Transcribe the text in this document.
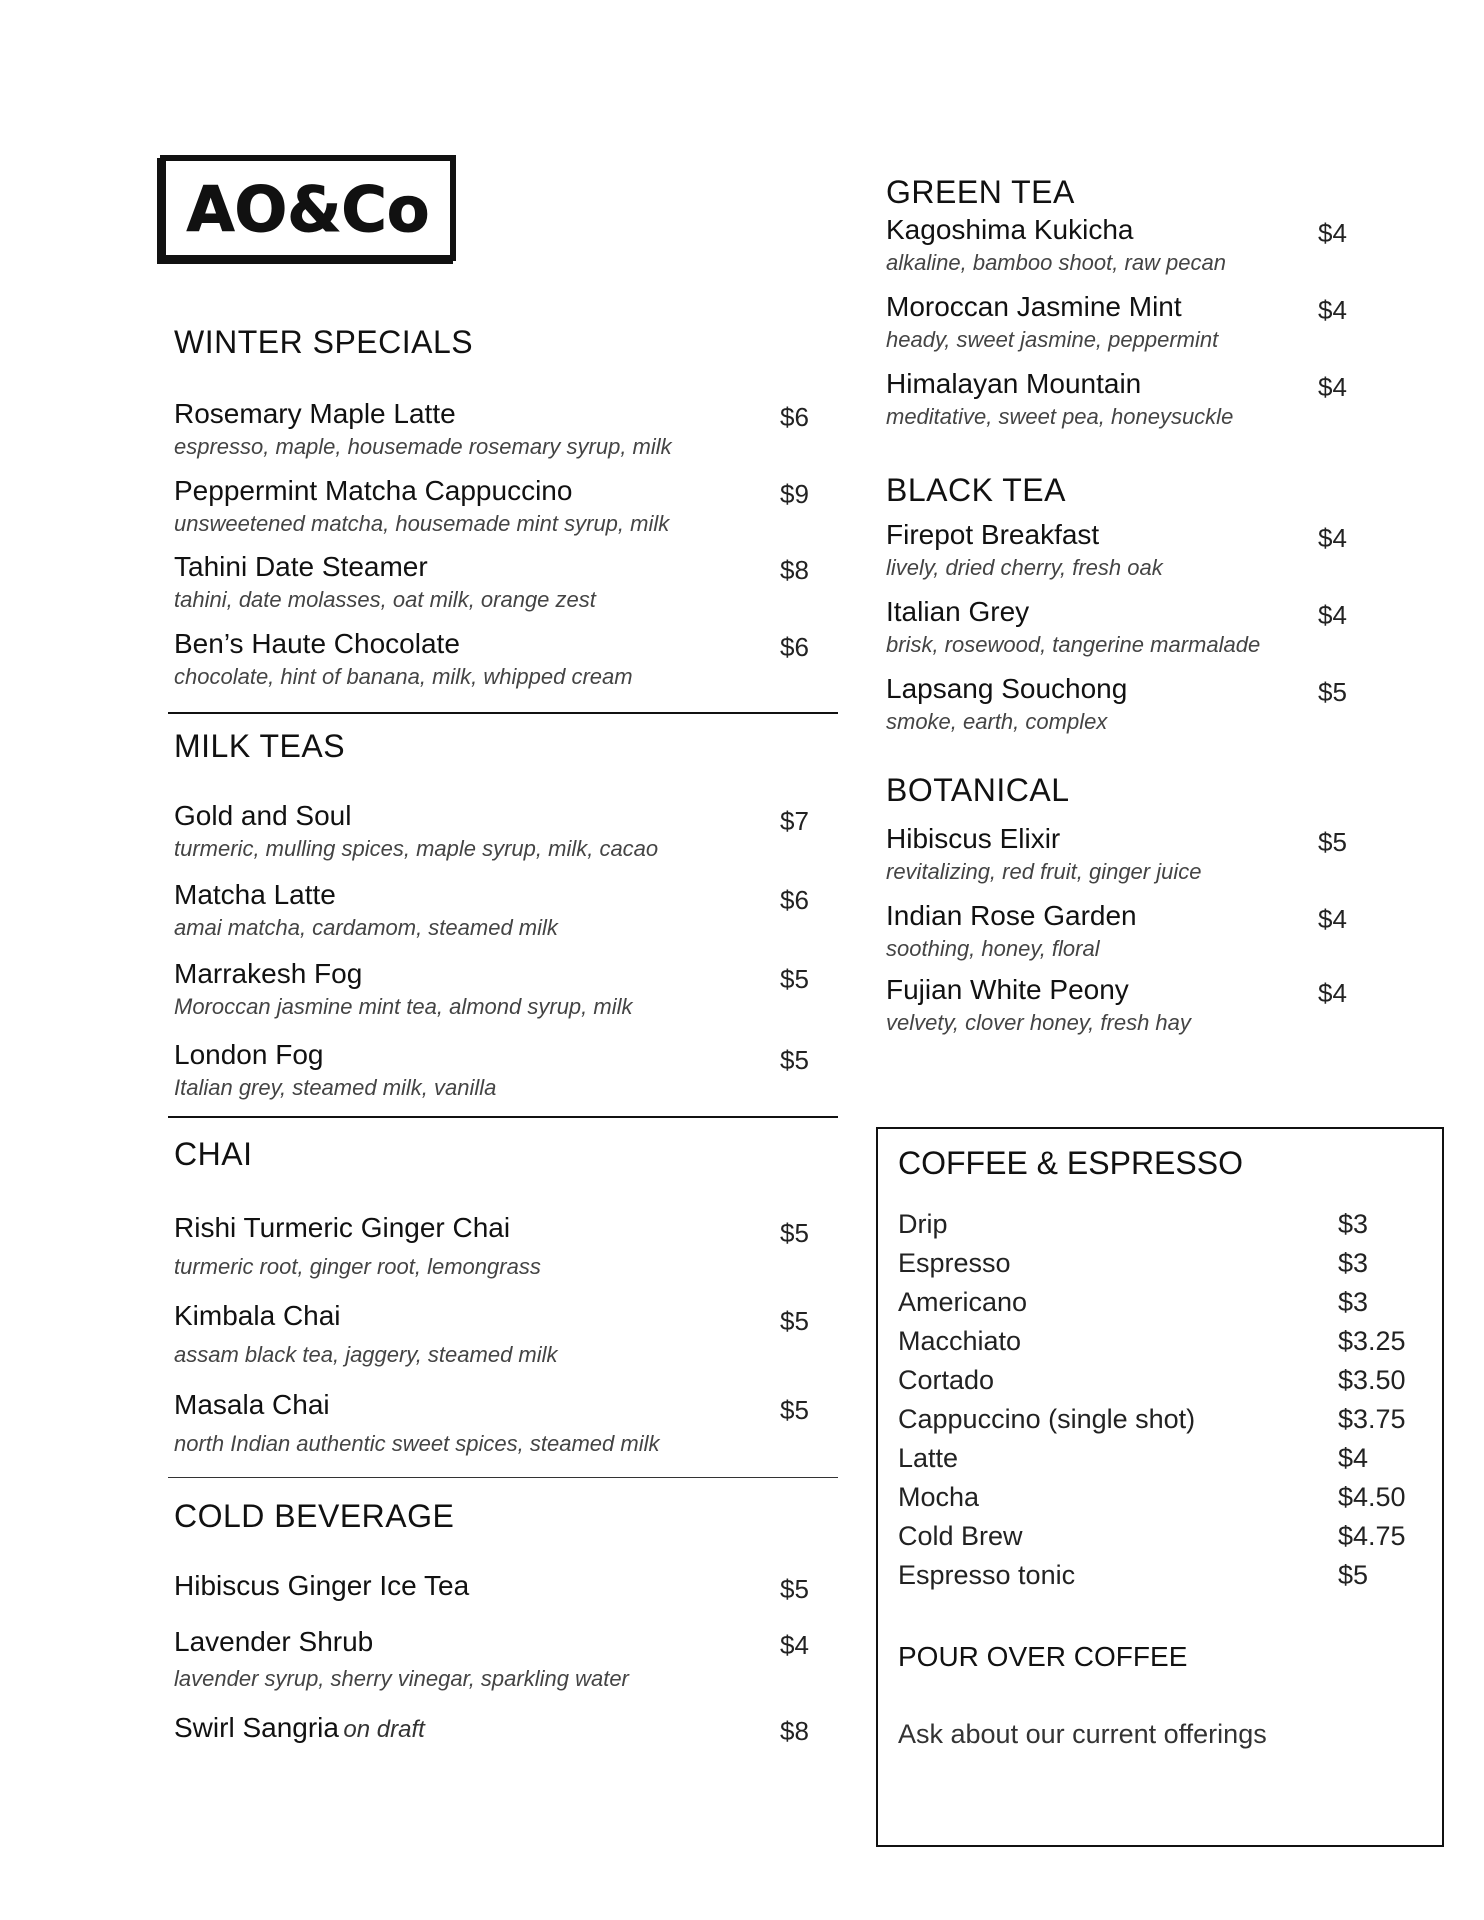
AO&Co
WINTER SPECIALS
Rosemary Maple Latte
espresso, maple, housemade rosemary syrup, milk
$6
Peppermint Matcha Cappuccino
unsweetened matcha, housemade mint syrup, milk
$9
Tahini Date Steamer
tahini, date molasses, oat milk, orange zest
$8
Ben’s Haute Chocolate
chocolate, hint of banana, milk, whipped cream
$6
MILK TEAS
Gold and Soul
turmeric, mulling spices, maple syrup, milk, cacao
$7
Matcha Latte
amai matcha, cardamom, steamed milk
$6
Marrakesh Fog
Moroccan jasmine mint tea, almond syrup, milk
$5
London Fog
Italian grey, steamed milk, vanilla
$5
CHAI
Rishi Turmeric Ginger Chai
turmeric root, ginger root, lemongrass
$5
Kimbala Chai
assam black tea, jaggery, steamed milk
$5
Masala Chai
north Indian authentic sweet spices, steamed milk
$5
COLD BEVERAGE
Hibiscus Ginger Ice Tea	$5
Lavender Shrub
lavender syrup, sherry vinegar, sparkling water
$4
Swirl Sangria on draft	$8
GREEN TEA
Kagoshima Kukicha
alkaline, bamboo shoot, raw pecan
$4
Moroccan Jasmine Mint
heady, sweet jasmine, peppermint
$4
Himalayan Mountain
meditative, sweet pea, honeysuckle
$4
BLACK TEA
Firepot Breakfast
lively, dried cherry, fresh oak
$4
Italian Grey
brisk, rosewood, tangerine marmalade
$4
Lapsang Souchong
smoke, earth, complex
$5
BOTANICAL
Hibiscus Elixir
revitalizing, red fruit, ginger juice
$5
Indian Rose Garden
soothing, honey, floral
$4
Fujian White Peony
velvety, clover honey, fresh hay
$4
COFFEE & ESPRESSO
Drip	$3
Espresso	$3
Americano	$3
Macchiato	$3.25
Cortado	$3.50
Cappuccino (single shot)	$3.75
Latte	$4
Mocha	$4.50
Cold Brew	$4.75
Espresso tonic	$5
POUR OVER COFFEE
Ask about our current offerings
